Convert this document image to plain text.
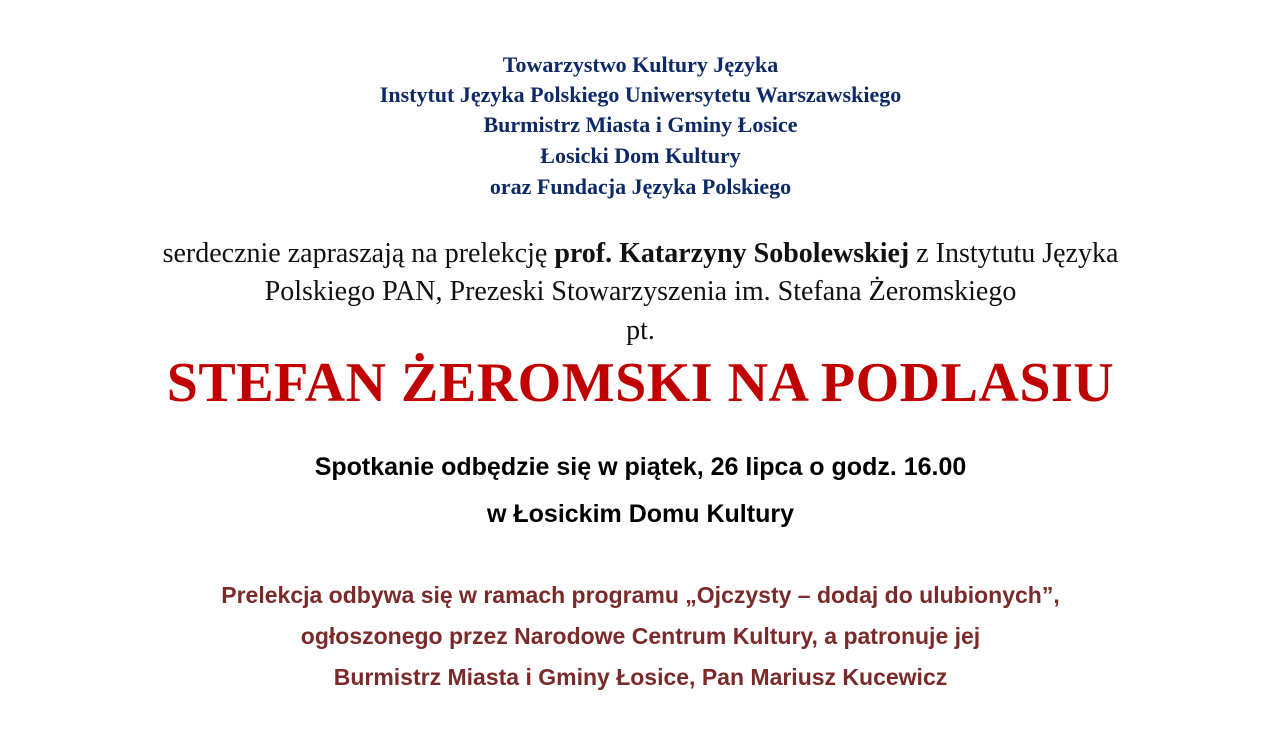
Towarzystwo Kultury Języka
Instytut Języka Polskiego Uniwersytetu Warszawskiego
Burmistrz Miasta i Gminy Łosice
Łosicki Dom Kultury
oraz Fundacja Języka Polskiego
serdecznie zapraszają na prelekcję prof. Katarzyny Sobolewskiej z Instytutu Języka
Polskiego PAN, Prezeski Stowarzyszenia im. Stefana Żeromskiego
pt.
STEFAN ŻEROMSKI NA PODLASIU
Spotkanie odbędzie się w piątek, 26 lipca o godz. 16.00
w Łosickim Domu Kultury
Prelekcja odbywa się w ramach programu „Ojczysty – dodaj do ulubionych”,
ogłoszonego przez Narodowe Centrum Kultury, a patronuje jej
Burmistrz Miasta i Gminy Łosice, Pan Mariusz Kucewicz
